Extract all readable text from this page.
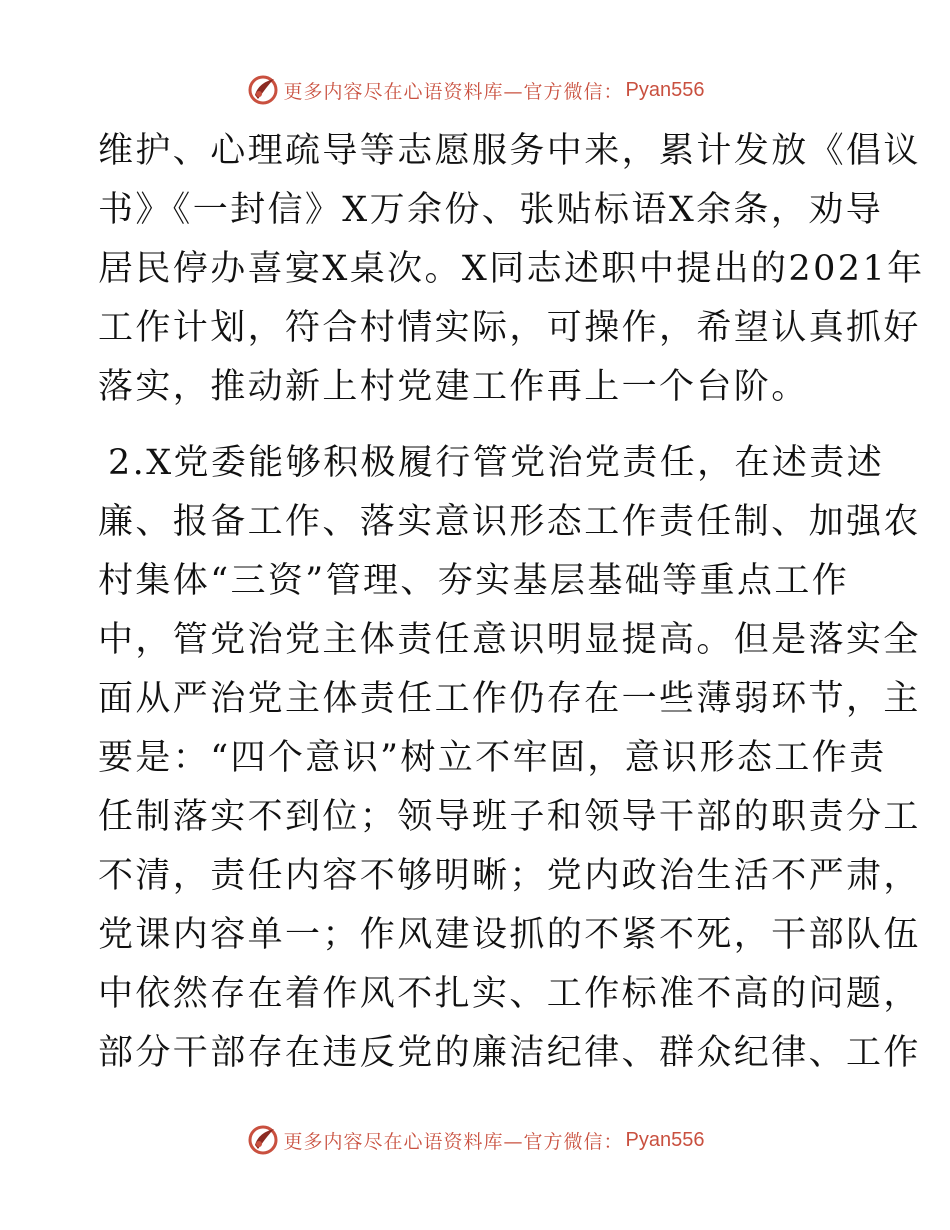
更多内容尽在心语资料库—官方微信： Pyan556
维护、心理疏导等志愿服务中来，累计发放《倡议
书》《一封信》X万余份、张贴标语X余条，劝导
居民停办喜宴X桌次。X同志述职中提出的2021年
工作计划，符合村情实际，可操作，希望认真抓好
落实，推动新上村党建工作再上一个台阶。
2.X党委能够积极履行管党治党责任，在述责述
廉、报备工作、落实意识形态工作责任制、加强农
村集体“三资”管理、夯实基层基础等重点工作
中，管党治党主体责任意识明显提高。但是落实全
面从严治党主体责任工作仍存在一些薄弱环节，主
要是：“四个意识”树立不牢固，意识形态工作责
任制落实不到位；领导班子和领导干部的职责分工
不清，责任内容不够明晰；党内政治生活不严肃，
党课内容单一；作风建设抓的不紧不死，干部队伍
中依然存在着作风不扎实、工作标准不高的问题，
部分干部存在违反党的廉洁纪律、群众纪律、工作
更多内容尽在心语资料库—官方微信： Pyan556
